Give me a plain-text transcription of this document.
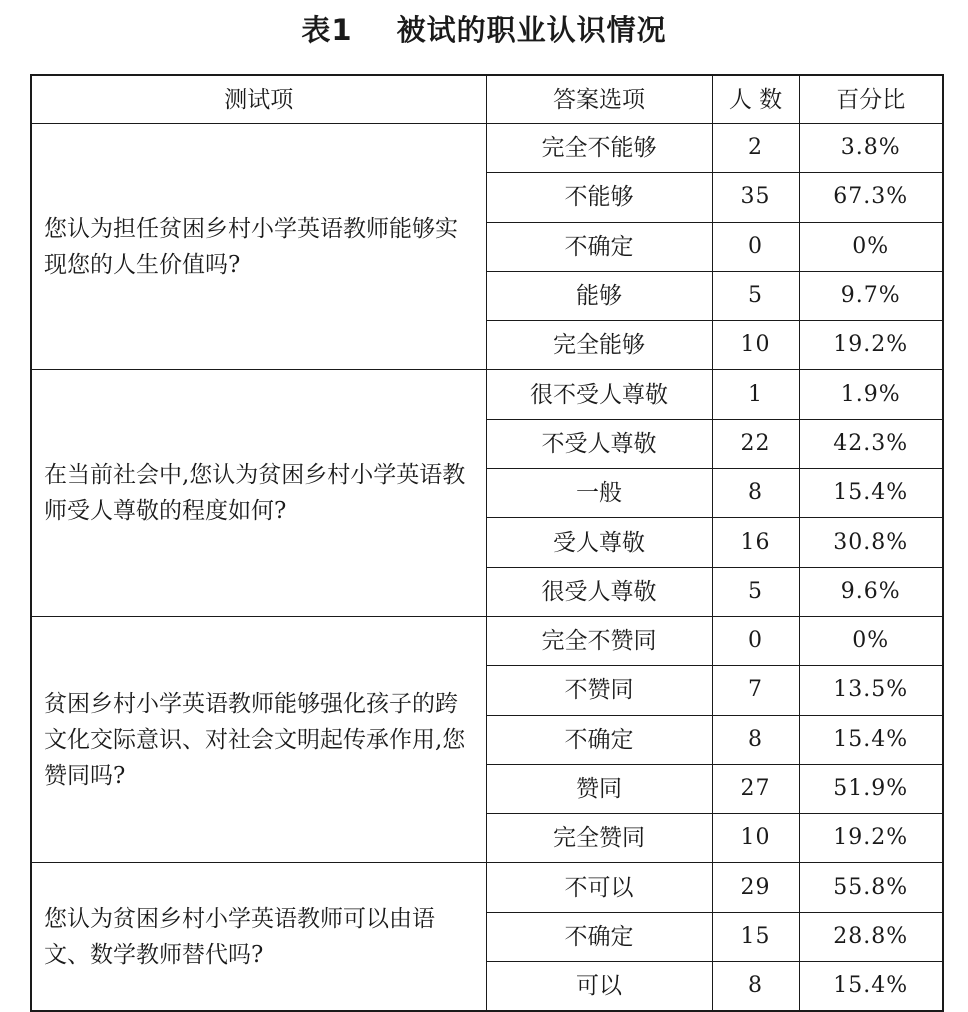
表1 被试的职业认识情况
测试项	答案选项	人 数	百分比
您认为担任贫困乡村小学英语教师能够实现您的人生价值吗?	完全不能够	2	3.8%
	不能够	35	67.3%
	不确定	0	0%
	能够	5	9.7%
	完全能够	10	19.2%
在当前社会中,您认为贫困乡村小学英语教师受人尊敬的程度如何?	很不受人尊敬	1	1.9%
	不受人尊敬	22	42.3%
	一般	8	15.4%
	受人尊敬	16	30.8%
	很受人尊敬	5	9.6%
贫困乡村小学英语教师能够强化孩子的跨文化交际意识、对社会文明起传承作用,您赞同吗?	完全不赞同	0	0%
	不赞同	7	13.5%
	不确定	8	15.4%
	赞同	27	51.9%
	完全赞同	10	19.2%
您认为贫困乡村小学英语教师可以由语文、数学教师替代吗?	不可以	29	55.8%
	不确定	15	28.8%
	可以	8	15.4%
